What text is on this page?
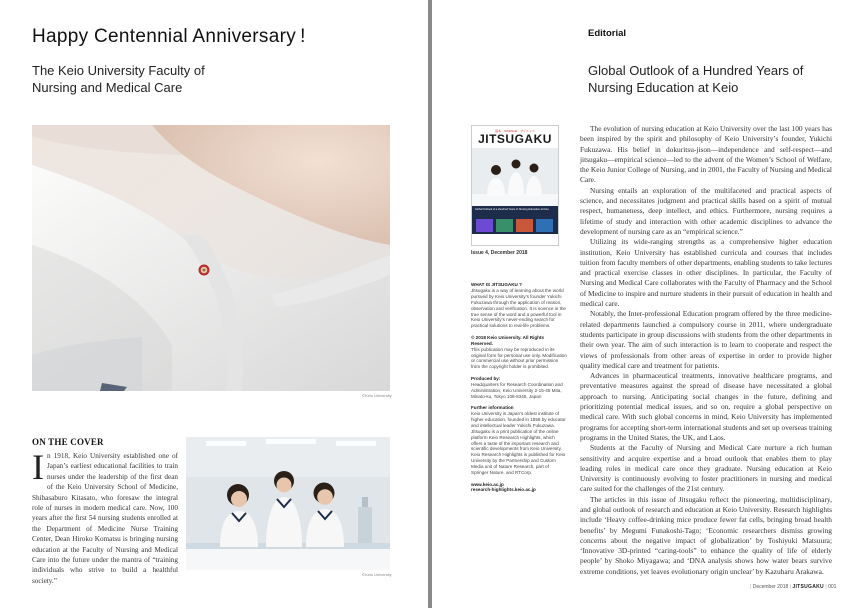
Happy Centennial Anniversary !
The Keio University Faculty of Nursing and Medical Care
©Keio University
ON THE COVER
In 1918, Keio University established one of Japan’s earliest educational facilities to train nurses under the leadership of the first dean of the Keio University School of Medicine, Shibasaburo Kitasato, who foresaw the integral role of nurses in modern medical care. Now, 100 years after the first 54 nursing students enrolled at the Department of Medicine Nurse Training Center, Dean Hiroko Komatsu is bringing nursing education at the Faculty of Nursing and Medical Care into the future under the mantra of “training individuals who strive to build a healthful society.”
©Keio University
Editorial
Global Outlook of a Hundred Years of Nursing Education at Keio
基本　SCIENCE　サイエンス
JITSUGAKU
Global Outlook of a Hundred Years of Nursing Education at Keio
Issue 4, December 2018

WHAT IS JITSUGAKU ?
Jitsugaku is a way of learning about the world pursued by Keio University’s founder Yukichi Fukuzawa through the application of reason, observation and verification. It is science in the true sense of the word and a powerful tool in Keio University’s never-ending search for practical solutions to real-life problems.

© 2018 Keio University. All Rights Reserved.
This publication may be reproduced in its original form for personal use only. Modification or commercial use without prior permission from the copyright holder is prohibited.

Produced by:
Headquarters for Research Coordination and Administration, Keio University 2-15-45 Mita, Minato-ku, Tokyo 108-8345, Japan

Further information
Keio University is Japan’s oldest institute of higher education, founded in 1858 by educator and intellectual leader Yukichi Fukuzawa. Jitsugaku is a print publication of the online platform Keio Research Highlights, which offers a taste of the important research and scientific developments from Keio University. Keio Research Highlights is published for Keio University by the Partnership and Custom Media unit of Nature Research, part of Springer Nature, and RTCorp.

www.keio.ac.jp
research-highlights.keio.ac.jp

The evolution of nursing education at Keio University over the last 100 years has been inspired by the spirit and philosophy of Keio University’s founder, Yukichi Fukuzawa. His belief in dokuritsu-jison—independence and self-respect—and jitsugaku—empirical science—led to the advent of the Women’s School of Welfare, the Keio Junior College of Nursing, and in 2001, the Faculty of Nursing and Medical Care.

Nursing entails an exploration of the multifaceted and practical aspects of science, and necessitates judgment and practical skills based on a spirit of mutual respect, humaneness, deep intellect, and ethics. Furthermore, nursing requires a lifetime of study and interaction with other academic disciplines to advance the development of nursing care as an “empirical science.”

Utilizing its wide-ranging strengths as a comprehensive higher education institution, Keio University has established curricula and courses that includes tuition from faculty members of other departments, enabling students to take lectures and practical exercise classes in other disciplines. In particular, the Faculty of Nursing and Medical Care collaborates with the Faculty of Pharmacy and the School of Medicine to inspire and nurture students in their pursuit of education in health and medical care.

Notably, the Inter-professional Education program offered by the three medicine-related departments launched a compulsory course in 2011, where undergraduate students participate in group discussions with students from the other departments in their own year. The aim of such interaction is to learn to cooperate and respect the views of professionals from other areas of expertise in order to provide higher quality medical care and treatment for patients.

Advances in pharmaceutical treatments, innovative healthcare programs, and preventative measures against the spread of disease have necessitated a global approach to nursing. Anticipating social changes in the future, defining and prioritizing potential medical issues, and so on, require a global perspective on medical care. With such global concerns in mind, Keio University has implemented programs for accepting short-term international students and set up overseas training programs in the United States, the UK, and Laos.

Students at the Faculty of Nursing and Medical Care nurture a rich human sensitivity and acquire expertise and a broad outlook that enables them to play leading roles in medical care once they graduate. Nursing education at Keio University is continuously evolving to foster practitioners in nursing and medical care suited for the challenges of the 21st century.

The articles in this issue of Jitsugaku reflect the pioneering, multidisciplinary, and global outlook of research and education at Keio University. Research highlights include ‘Heavy coffee-drinking mice produce fewer fat cells, bringing broad health benefits’ by Megumi Funakoshi-Tago; ‘Economic researchers dismiss growing concerns about the negative impact of globalization’ by Toshiyuki Matsuura; ‘Innovative 3D-printed “caring-tools” to enhance the quality of life of elderly people’ by Shoko Miyagawa; and ‘DNA analysis shows how water bears survive extreme conditions, yet leaves evolutionary origin unclear’ by Kazuharu Arakawa.

| December 2018 | JITSUGAKU | 001
